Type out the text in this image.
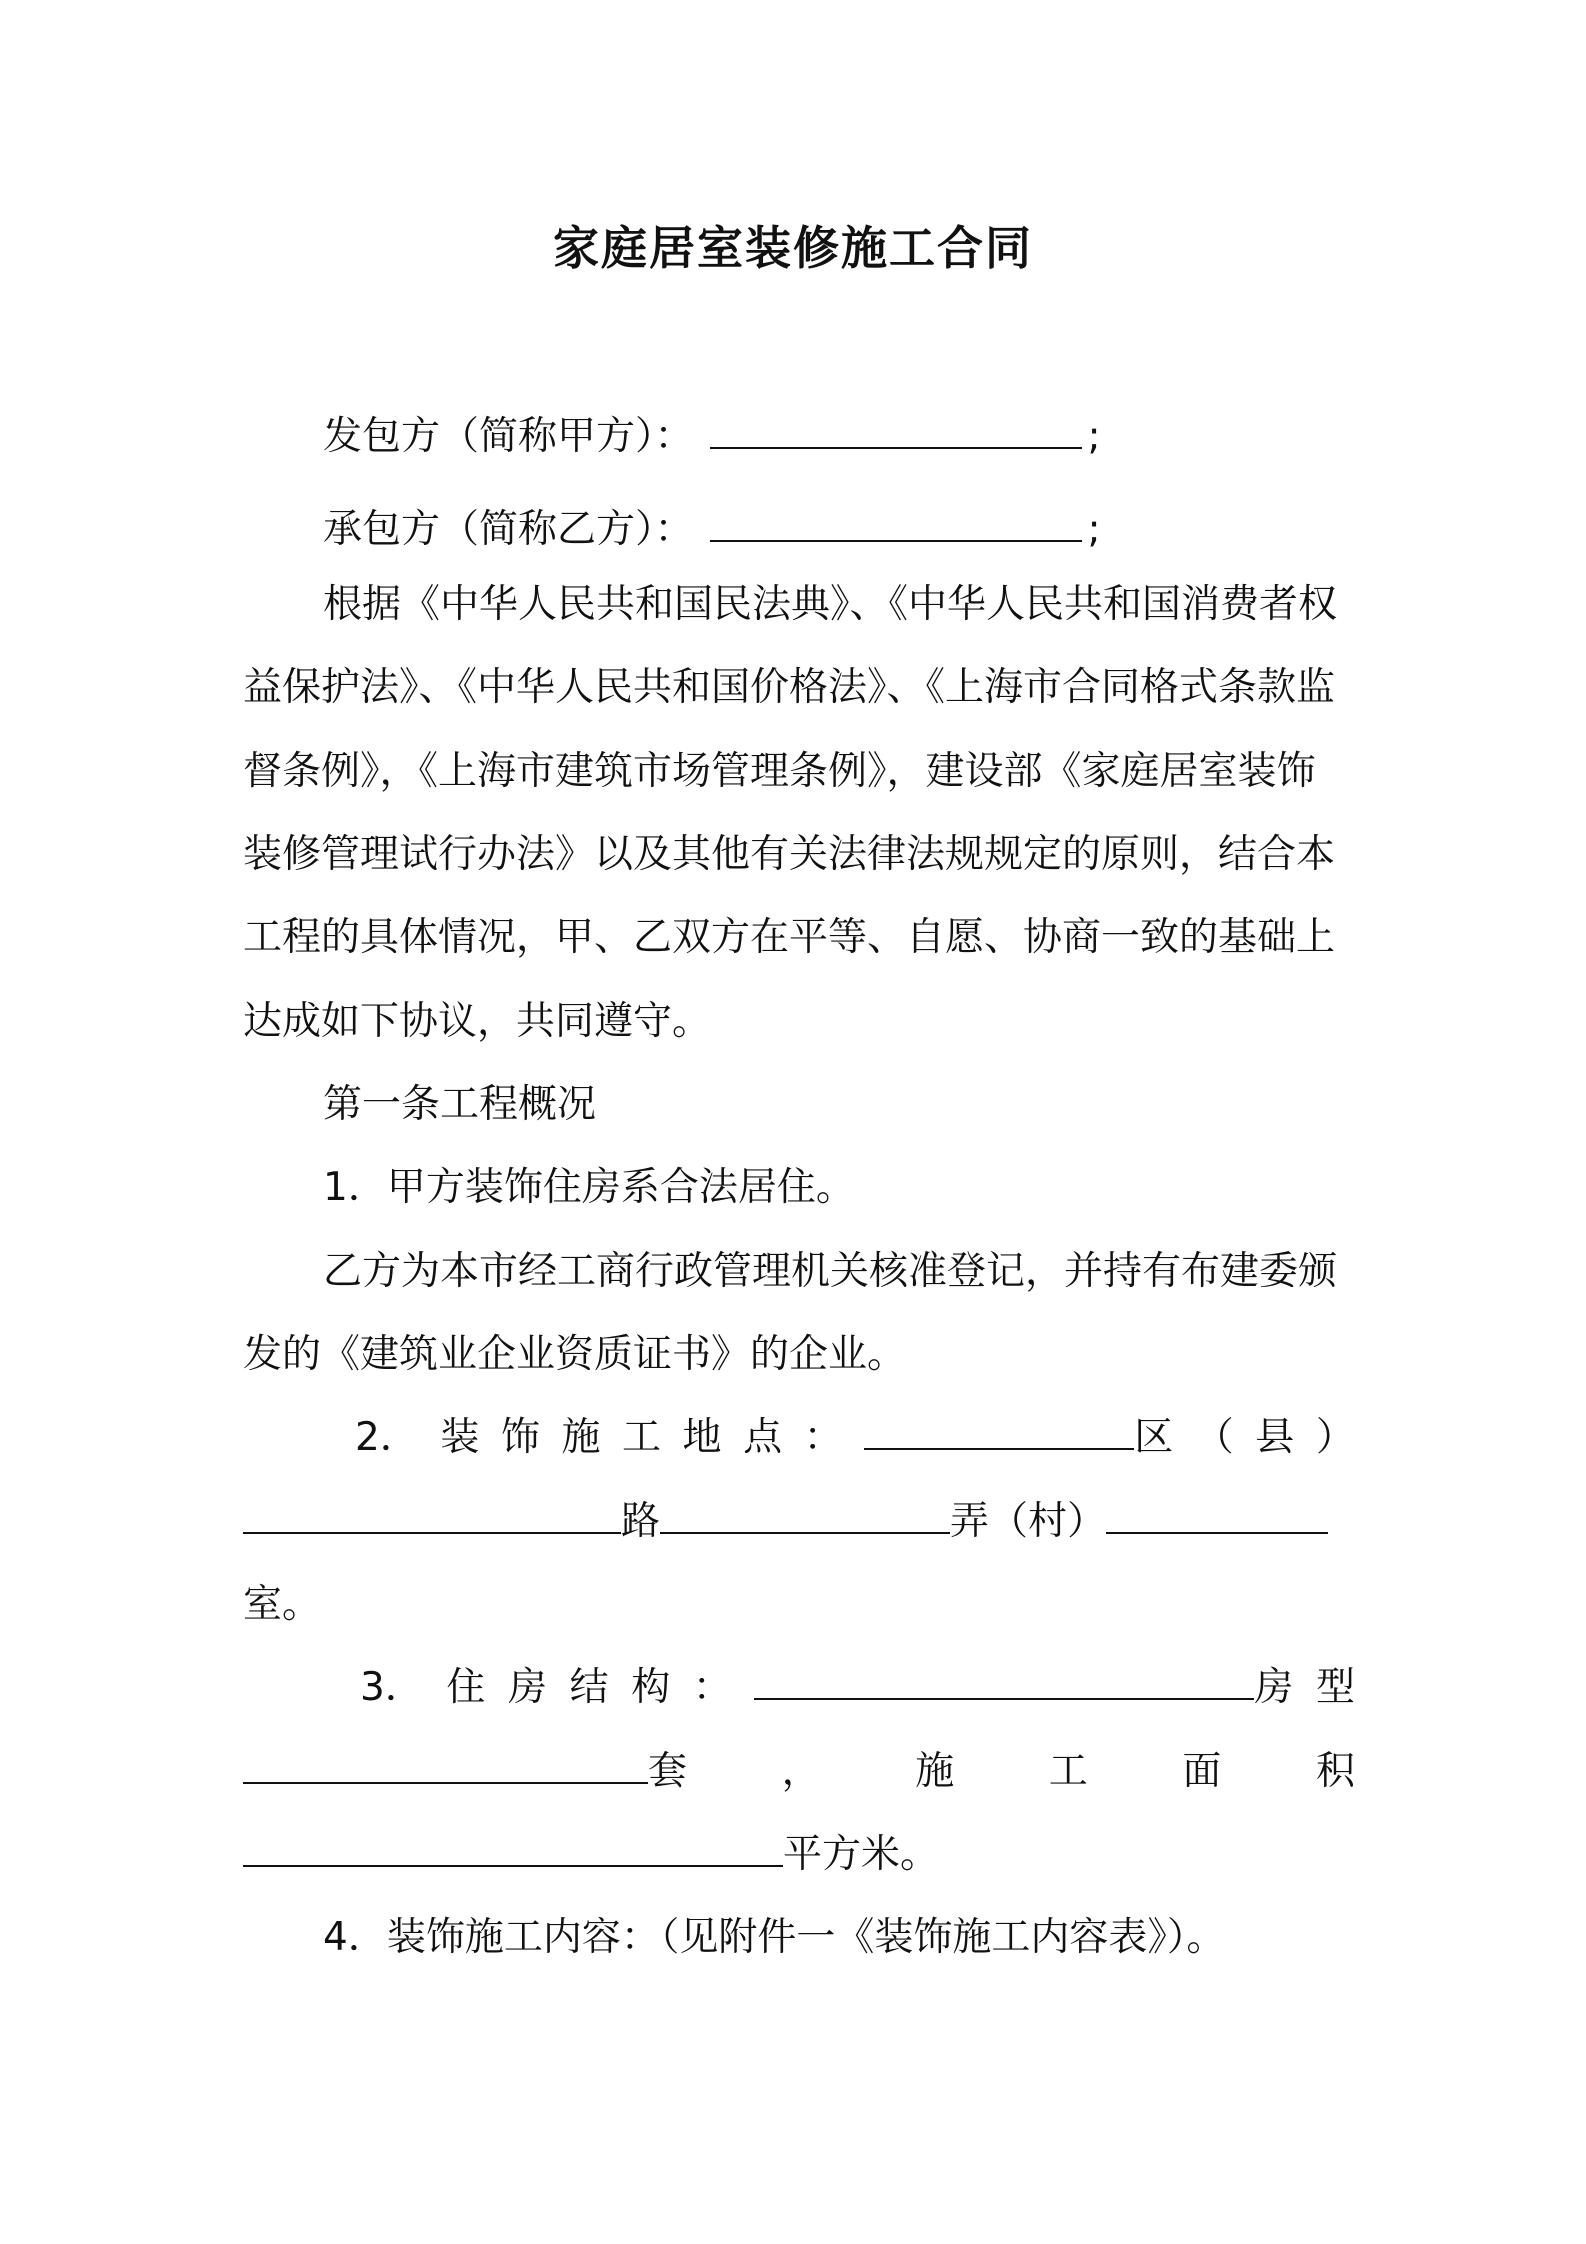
家庭居室装修施工合同
发包方（简称甲方）：	;
承包方（简称乙方）：	;
根据《中华人民共和国民法典》、《中华人民共和国消费者权
益保护法》、《中华人民共和国价格法》、《上海市合同格式条款监
督条例》，《上海市建筑市场管理条例》，建设部《家庭居室装饰
装修管理试行办法》以及其他有关法律法规规定的原则，结合本
工程的具体情况，甲、乙双方在平等、自愿、协商一致的基础上
达成如下协议，共同遵守。
第一条工程概况
1．甲方装饰住房系合法居住。
乙方为本市经工商行政管理机关核准登记，并持有布建委颁
发的《建筑业企业资质证书》的企业。
2． 装 饰 施 工 地 点 ：	区 （ 县 ）
路	弄（村）
室。
3． 住 房 结 构 ：	房 型
套 ， 施 工 面 积
平方米。
4．装饰施工内容：（见附件一《装饰施工内容表》）。
